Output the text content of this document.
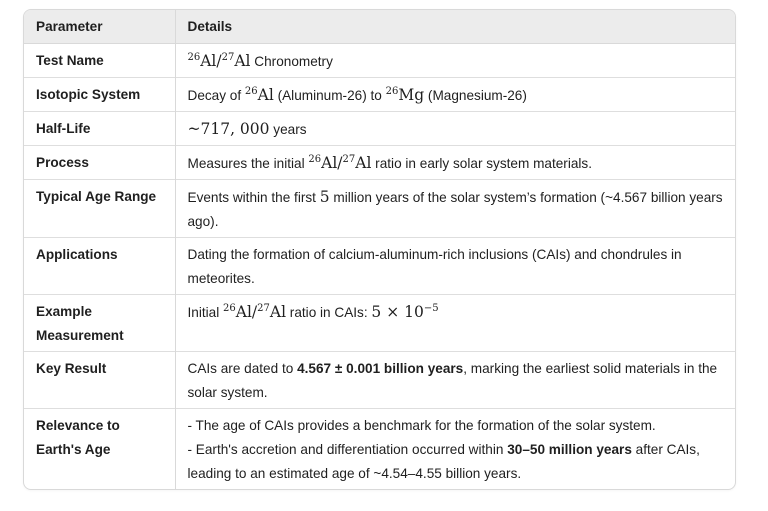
Parameter	Details
Test Name	$^{26}$Al/$^{27}$Al Chronometry
Isotopic System	Decay of $^{26}$Al (Aluminum-26) to $^{26}$Mg (Magnesium-26)
Half-Life	~717, 000 years
Process	Measures the initial $^{26}$Al/$^{27}$Al ratio in early solar system materials.
Typical Age Range	Events within the first 5 million years of the solar system’s formation (~4.567 billion years ago).
Applications	Dating the formation of calcium-aluminum-rich inclusions (CAIs) and chondrules in meteorites.
Example Measurement	Initial $^{26}$Al/$^{27}$Al ratio in CAIs: $5 \times 10^{-5}$
Key Result	CAIs are dated to 4.567 ± 0.001 billion years, marking the earliest solid materials in the solar system.
Relevance to Earth's Age	- The age of CAIs provides a benchmark for the formation of the solar system.
- Earth's accretion and differentiation occurred within 30–50 million years after CAIs, leading to an estimated age of ~4.54–4.55 billion years.
